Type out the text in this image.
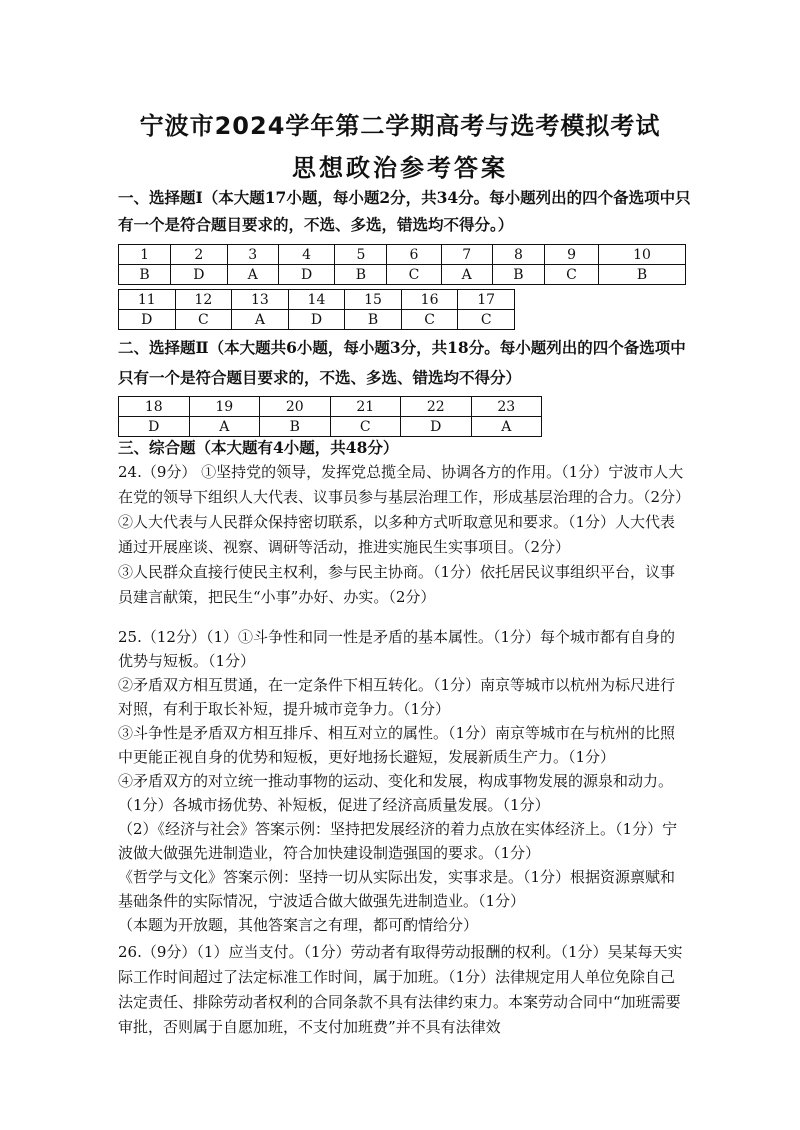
宁波市2024学年第二学期高考与选考模拟考试
思想政治参考答案
一、选择题Ⅰ（本大题17小题，每小题2分，共34分。每小题列出的四个备选项中只有一个是符合题目要求的，不选、多选，错选均不得分。）
1	2	3	4	5	6	7	8	9	10
B	D	A	D	B	C	A	B	C	B
11	12	13	14	15	16	17
D	C	A	D	B	C	C
二、选择题Ⅱ（本大题共6小题，每小题3分，共18分。每小题列出的四个备选项中只有一个是符合题目要求的，不选、多选、错选均不得分）
18	19	20	21	22	23
D	A	B	C	D	A
三、综合题（本大题有4小题，共48分）
24.（9分） ①坚持党的领导，发挥党总揽全局、协调各方的作用。（1分）宁波市人大在党的领导下组织人大代表、议事员参与基层治理工作，形成基层治理的合力。（2分）
②人大代表与人民群众保持密切联系，以多种方式听取意见和要求。（1分）人大代表通过开展座谈、视察、调研等活动，推进实施民生实事项目。（2分）
③人民群众直接行使民主权利，参与民主协商。（1分）依托居民议事组织平台，议事员建言献策，把民生“小事”办好、办实。（2分）
25.（12分）（1）①斗争性和同一性是矛盾的基本属性。（1分）每个城市都有自身的优势与短板。（1分）
②矛盾双方相互贯通，在一定条件下相互转化。（1分）南京等城市以杭州为标尺进行对照，有利于取长补短，提升城市竞争力。（1分）
③斗争性是矛盾双方相互排斥、相互对立的属性。（1分）南京等城市在与杭州的比照中更能正视自身的优势和短板，更好地扬长避短，发展新质生产力。（1分）
④矛盾双方的对立统一推动事物的运动、变化和发展，构成事物发展的源泉和动力。（1分）各城市扬优势、补短板，促进了经济高质量发展。（1分）
（2）《经济与社会》答案示例：坚持把发展经济的着力点放在实体经济上。（1分）宁波做大做强先进制造业，符合加快建设制造强国的要求。（1分）
《哲学与文化》答案示例：坚持一切从实际出发，实事求是。（1分）根据资源禀赋和基础条件的实际情况，宁波适合做大做强先进制造业。（1分）
（本题为开放题，其他答案言之有理，都可酌情给分）
26.（9分）（1）应当支付。（1分）劳动者有取得劳动报酬的权利。（1分）吴某每天实际工作时间超过了法定标准工作时间，属于加班。（1分）法律规定用人单位免除自己法定责任、排除劳动者权利的合同条款不具有法律约束力。本案劳动合同中“加班需要审批，否则属于自愿加班，不支付加班费”并不具有法律效
